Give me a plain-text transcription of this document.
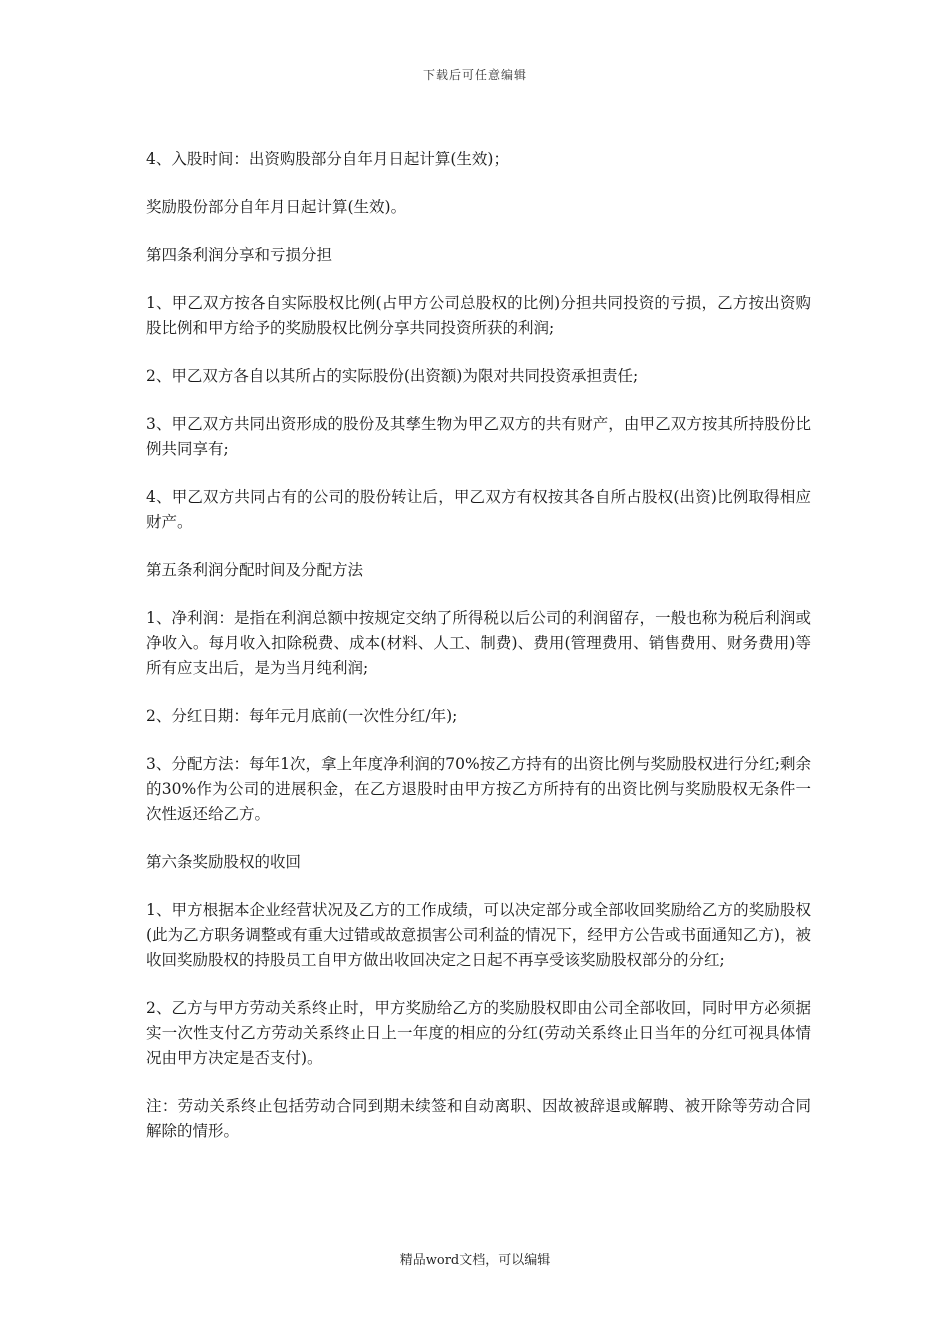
下载后可任意编辑

4、入股时间：出资购股部分自年月日起计算(生效)；

奖励股份部分自年月日起计算(生效)。

第四条利润分享和亏损分担

1、甲乙双方按各自实际股权比例(占甲方公司总股权的比例)分担共同投资的亏损，乙方按出资购股比例和甲方给予的奖励股权比例分享共同投资所获的利润;

2、甲乙双方各自以其所占的实际股份(出资额)为限对共同投资承担责任;

3、甲乙双方共同出资形成的股份及其孳生物为甲乙双方的共有财产，由甲乙双方按其所持股份比例共同享有;

4、甲乙双方共同占有的公司的股份转让后，甲乙双方有权按其各自所占股权(出资)比例取得相应财产。

第五条利润分配时间及分配方法

1、净利润：是指在利润总额中按规定交纳了所得税以后公司的利润留存，一般也称为税后利润或净收入。每月收入扣除税费、成本(材料、人工、制费)、费用(管理费用、销售费用、财务费用)等所有应支出后，是为当月纯利润;

2、分红日期：每年元月底前(一次性分红/年);

3、分配方法：每年1次，拿上年度净利润的70%按乙方持有的出资比例与奖励股权进行分红;剩余的30%作为公司的进展积金，在乙方退股时由甲方按乙方所持有的出资比例与奖励股权无条件一次性返还给乙方。

第六条奖励股权的收回

1、甲方根据本企业经营状况及乙方的工作成绩，可以决定部分或全部收回奖励给乙方的奖励股权(此为乙方职务调整或有重大过错或故意损害公司利益的情况下，经甲方公告或书面通知乙方)，被收回奖励股权的持股员工自甲方做出收回决定之日起不再享受该奖励股权部分的分红;

2、乙方与甲方劳动关系终止时，甲方奖励给乙方的奖励股权即由公司全部收回，同时甲方必须据实一次性支付乙方劳动关系终止日上一年度的相应的分红(劳动关系终止日当年的分红可视具体情况由甲方决定是否支付)。

注：劳动关系终止包括劳动合同到期未续签和自动离职、因故被辞退或解聘、被开除等劳动合同解除的情形。

精品word文档，可以编辑
